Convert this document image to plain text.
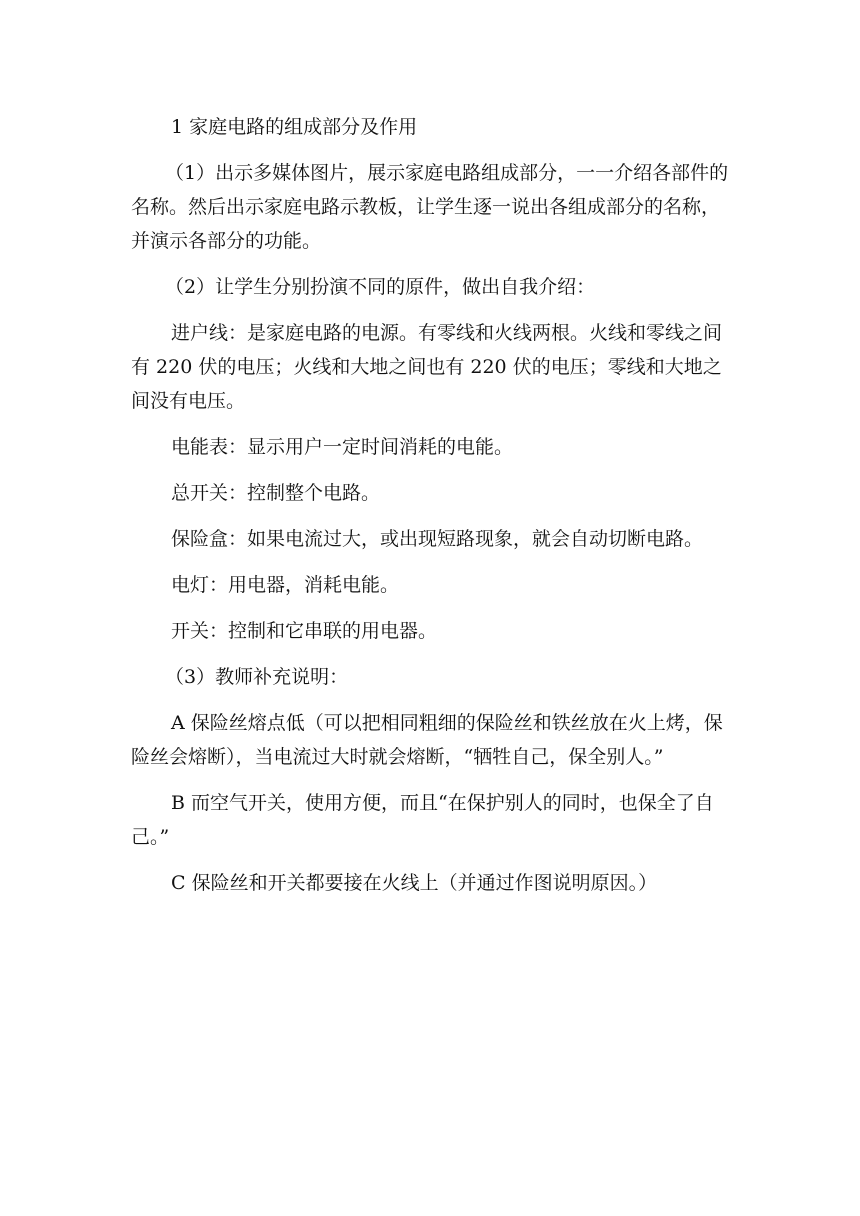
1 家庭电路的组成部分及作用

（1）出示多媒体图片，展示家庭电路组成部分，一一介绍各部件的名称。然后出示家庭电路示教板，让学生逐一说出各组成部分的名称，并演示各部分的功能。

（2）让学生分别扮演不同的原件，做出自我介绍：

进户线：是家庭电路的电源。有零线和火线两根。火线和零线之间有 220 伏的电压；火线和大地之间也有 220 伏的电压；零线和大地之间没有电压。

电能表：显示用户一定时间消耗的电能。

总开关：控制整个电路。

保险盒：如果电流过大，或出现短路现象，就会自动切断电路。

电灯：用电器，消耗电能。

开关：控制和它串联的用电器。

（3）教师补充说明：

A 保险丝熔点低（可以把相同粗细的保险丝和铁丝放在火上烤，保险丝会熔断），当电流过大时就会熔断，“牺牲自己，保全别人。”

B 而空气开关，使用方便，而且“在保护别人的同时，也保全了自己。”

C 保险丝和开关都要接在火线上（并通过作图说明原因。）
